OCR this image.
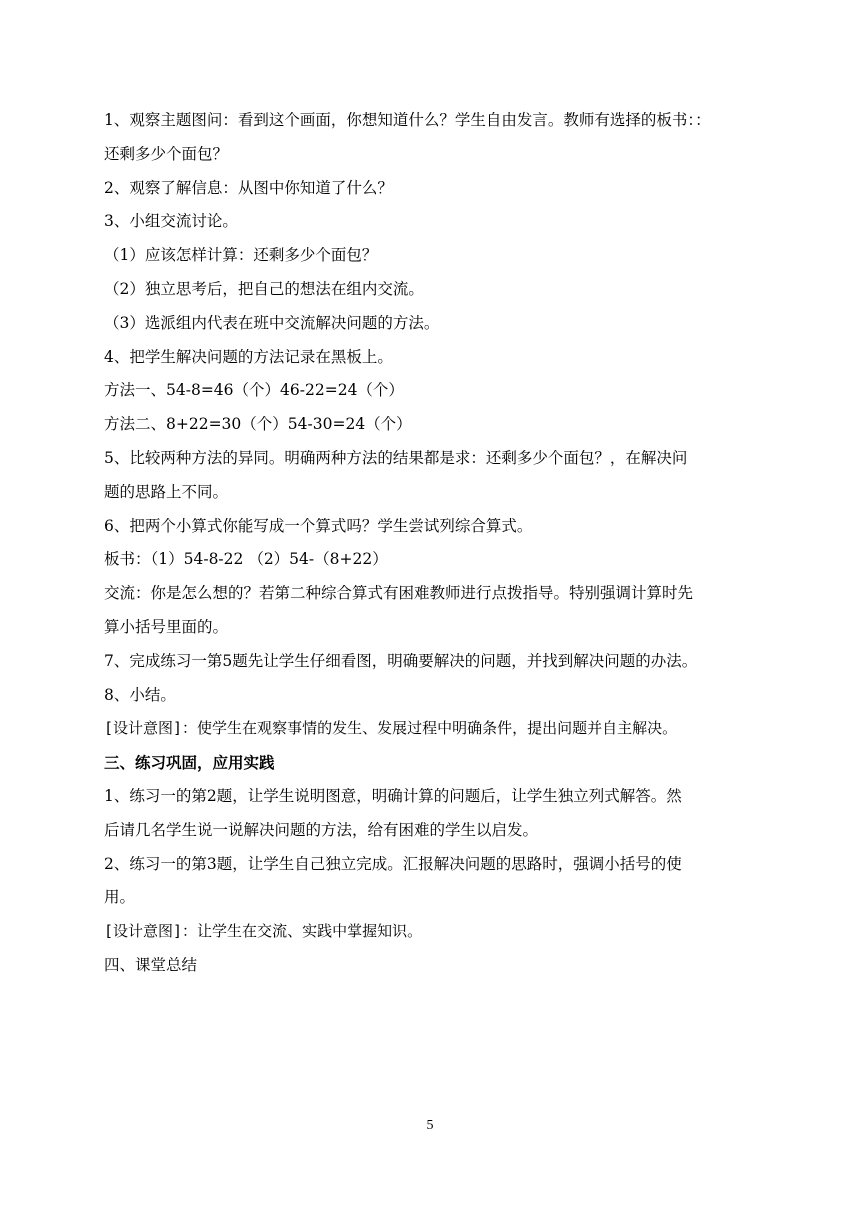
1、观察主题图问：看到这个画面，你想知道什么？学生自由发言。教师有选择的板书：：
还剩多少个面包？
2、观察了解信息：从图中你知道了什么？
3、小组交流讨论。
（1）应该怎样计算：还剩多少个面包？
（2）独立思考后，把自己的想法在组内交流。
（3）选派组内代表在班中交流解决问题的方法。
4、把学生解决问题的方法记录在黑板上。
方法一、54-8=46（个）46-22=24（个）
方法二、8+22=30（个）54-30=24（个）
5、比较两种方法的异同。明确两种方法的结果都是求：还剩多少个面包？，在解决问
题的思路上不同。
6、把两个小算式你能写成一个算式吗？学生尝试列综合算式。
板书：（1）54-8-22 （2）54-（8+22）
交流：你是怎么想的？若第二种综合算式有困难教师进行点拨指导。特别强调计算时先
算小括号里面的。
7、完成练习一第5题先让学生仔细看图，明确要解决的问题，并找到解决问题的办法。
8、小结。
[设计意图]：使学生在观察事情的发生、发展过程中明确条件，提出问题并自主解决。
三、练习巩固，应用实践
1、练习一的第2题，让学生说明图意，明确计算的问题后，让学生独立列式解答。然
后请几名学生说一说解决问题的方法，给有困难的学生以启发。
2、练习一的第3题，让学生自己独立完成。汇报解决问题的思路时，强调小括号的使
用。
[设计意图]：让学生在交流、实践中掌握知识。
四、课堂总结
5
